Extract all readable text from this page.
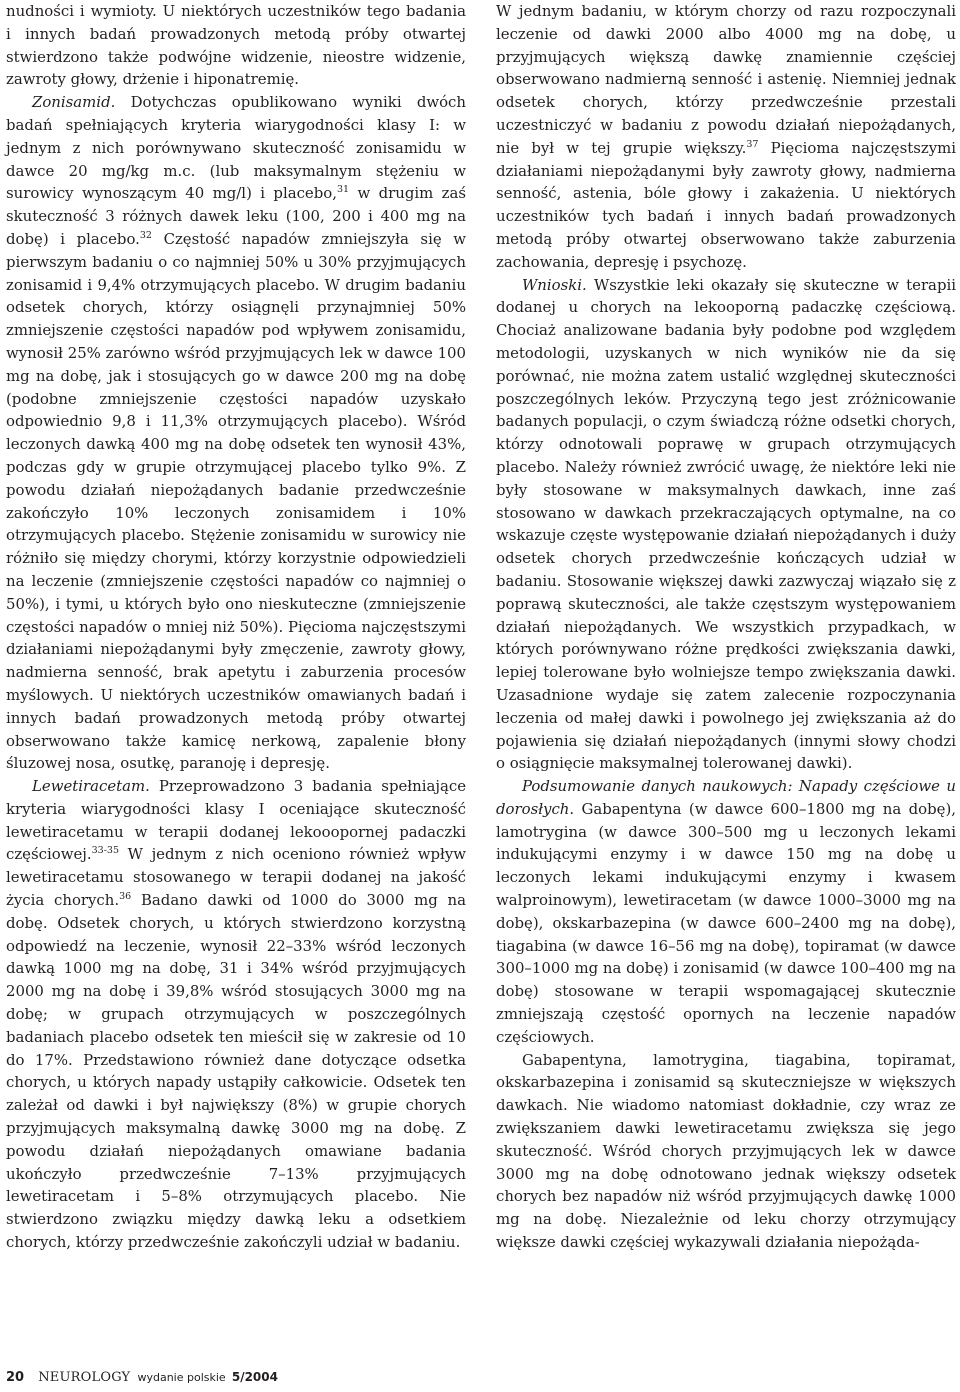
nudności i wymioty. U niektórych uczestników tego badania i innych badań prowadzonych metodą próby otwartej stwierdzono także podwójne widzenie, nieostre widzenie, zawroty głowy, drżenie i hiponatremię.

Zonisamid. Dotychczas opublikowano wyniki dwóch badań spełniających kryteria wiarygodności klasy I: w jednym z nich porównywano skuteczność zonisamidu w dawce 20 mg/kg m.c. (lub maksymalnym stężeniu w surowicy wynoszącym 40 mg/l) i placebo,$^{31}$ w drugim zaś skuteczność 3 różnych dawek leku (100, 200 i 400 mg na dobę) i placebo.$^{32}$ Częstość napadów zmniejszyła się w pierwszym badaniu o co najmniej 50% u 30% przyjmujących zonisamid i 9,4% otrzymujących placebo. W drugim badaniu odsetek chorych, którzy osiągnęli przynajmniej 50% zmniejszenie częstości napadów pod wpływem zonisamidu, wynosił 25% zarówno wśród przyjmujących lek w dawce 100 mg na dobę, jak i stosujących go w dawce 200 mg na dobę (podobne zmniejszenie częstości napadów uzyskało odpowiednio 9,8 i 11,3% otrzymujących placebo). Wśród leczonych dawką 400 mg na dobę odsetek ten wynosił 43%, podczas gdy w grupie otrzymującej placebo tylko 9%. Z powodu działań niepożądanych badanie przedwcześnie zakończyło 10% leczonych zonisamidem i 10% otrzymujących placebo. Stężenie zonisamidu w surowicy nie różniło się między chorymi, którzy korzystnie odpowiedzieli na leczenie (zmniejszenie częstości napadów co najmniej o 50%), i tymi, u których było ono nieskuteczne (zmniejszenie częstości napadów o mniej niż 50%). Pięcioma najczęstszymi działaniami niepożądanymi były zmęczenie, zawroty głowy, nadmierna senność, brak apetytu i zaburzenia procesów myślowych. U niektórych uczestników omawianych badań i innych badań prowadzonych metodą próby otwartej obserwowano także kamicę nerkową, zapalenie błony śluzowej nosa, osutkę, paranoję i depresję.

Lewetiracetam. Przeprowadzono 3 badania spełniające kryteria wiarygodności klasy I oceniające skuteczność lewetiracetamu w terapii dodanej lekooopornej padaczki częściowej.$^{33-35}$ W jednym z nich oceniono również wpływ lewetiracetamu stosowanego w terapii dodanej na jakość życia chorych.$^{36}$ Badano dawki od 1000 do 3000 mg na dobę. Odsetek chorych, u których stwierdzono korzystną odpowiedź na leczenie, wynosił 22–33% wśród leczonych dawką 1000 mg na dobę, 31 i 34% wśród przyjmujących 2000 mg na dobę i 39,8% wśród stosujących 3000 mg na dobę; w grupach otrzymujących w poszczególnych badaniach placebo odsetek ten mieścił się w zakresie od 10 do 17%. Przedstawiono również dane dotyczące odsetka chorych, u których napady ustąpiły całkowicie. Odsetek ten zależał od dawki i był największy (8%) w grupie chorych przyjmujących maksymalną dawkę 3000 mg na dobę. Z powodu działań niepożądanych omawiane badania ukończyło przedwcześnie 7–13% przyjmujących lewetiracetam i 5–8% otrzymujących placebo. Nie stwierdzono związku między dawką leku a odsetkiem chorych, którzy przedwcześnie zakończyli udział w badaniu.

W jednym badaniu, w którym chorzy od razu rozpoczynali leczenie od dawki 2000 albo 4000 mg na dobę, u przyjmujących większą dawkę znamiennie częściej obserwowano nadmierną senność i astenię. Niemniej jednak odsetek chorych, którzy przedwcześnie przestali uczestniczyć w badaniu z powodu działań niepożądanych, nie był w tej grupie większy.$^{37}$ Pięcioma najczęstszymi działaniami niepożądanymi były zawroty głowy, nadmierna senność, astenia, bóle głowy i zakażenia. U niektórych uczestników tych badań i innych badań prowadzonych metodą próby otwartej obserwowano także zaburzenia zachowania, depresję i psychozę.

Wnioski. Wszystkie leki okazały się skuteczne w terapii dodanej u chorych na lekooporną padaczkę częściową. Chociaż analizowane badania były podobne pod względem metodologii, uzyskanych w nich wyników nie da się porównać, nie można zatem ustalić względnej skuteczności poszczególnych leków. Przyczyną tego jest zróżnicowanie badanych populacji, o czym świadczą różne odsetki chorych, którzy odnotowali poprawę w grupach otrzymujących placebo. Należy również zwrócić uwagę, że niektóre leki nie były stosowane w maksymalnych dawkach, inne zaś stosowano w dawkach przekraczających optymalne, na co wskazuje częste występowanie działań niepożądanych i duży odsetek chorych przedwcześnie kończących udział w badaniu. Stosowanie większej dawki zazwyczaj wiązało się z poprawą skuteczności, ale także częstszym występowaniem działań niepożądanych. We wszystkich przypadkach, w których porównywano różne prędkości zwiększania dawki, lepiej tolerowane było wolniejsze tempo zwiększania dawki. Uzasadnione wydaje się zatem zalecenie rozpoczynania leczenia od małej dawki i powolnego jej zwiększania aż do pojawienia się działań niepożądanych (innymi słowy chodzi o osiągnięcie maksymalnej tolerowanej dawki).

Podsumowanie danych naukowych: Napady częściowe u dorosłych. Gabapentyna (w dawce 600–1800 mg na dobę), lamotrygina (w dawce 300–500 mg u leczonych lekami indukującymi enzymy i w dawce 150 mg na dobę u leczonych lekami indukującymi enzymy i kwasem walproinowym), lewetiracetam (w dawce 1000–3000 mg na dobę), okskarbazepina (w dawce 600–2400 mg na dobę), tiagabina (w dawce 16–56 mg na dobę), topiramat (w dawce 300–1000 mg na dobę) i zonisamid (w dawce 100–400 mg na dobę) stosowane w terapii wspomagającej skutecznie zmniejszają częstość opornych na leczenie napadów częściowych.

Gabapentyna, lamotrygina, tiagabina, topiramat, okskarbazepina i zonisamid są skuteczniejsze w większych dawkach. Nie wiadomo natomiast dokładnie, czy wraz ze zwiększaniem dawki lewetiracetamu zwiększa się jego skuteczność. Wśród chorych przyjmujących lek w dawce 3000 mg na dobę odnotowano jednak większy odsetek chorych bez napadów niż wśród przyjmujących dawkę 1000 mg na dobę. Niezależnie od leku chorzy otrzymujący większe dawki częściej wykazywali działania niepożąda-

20 NEUROLOGY wydanie polskie 5/2004
